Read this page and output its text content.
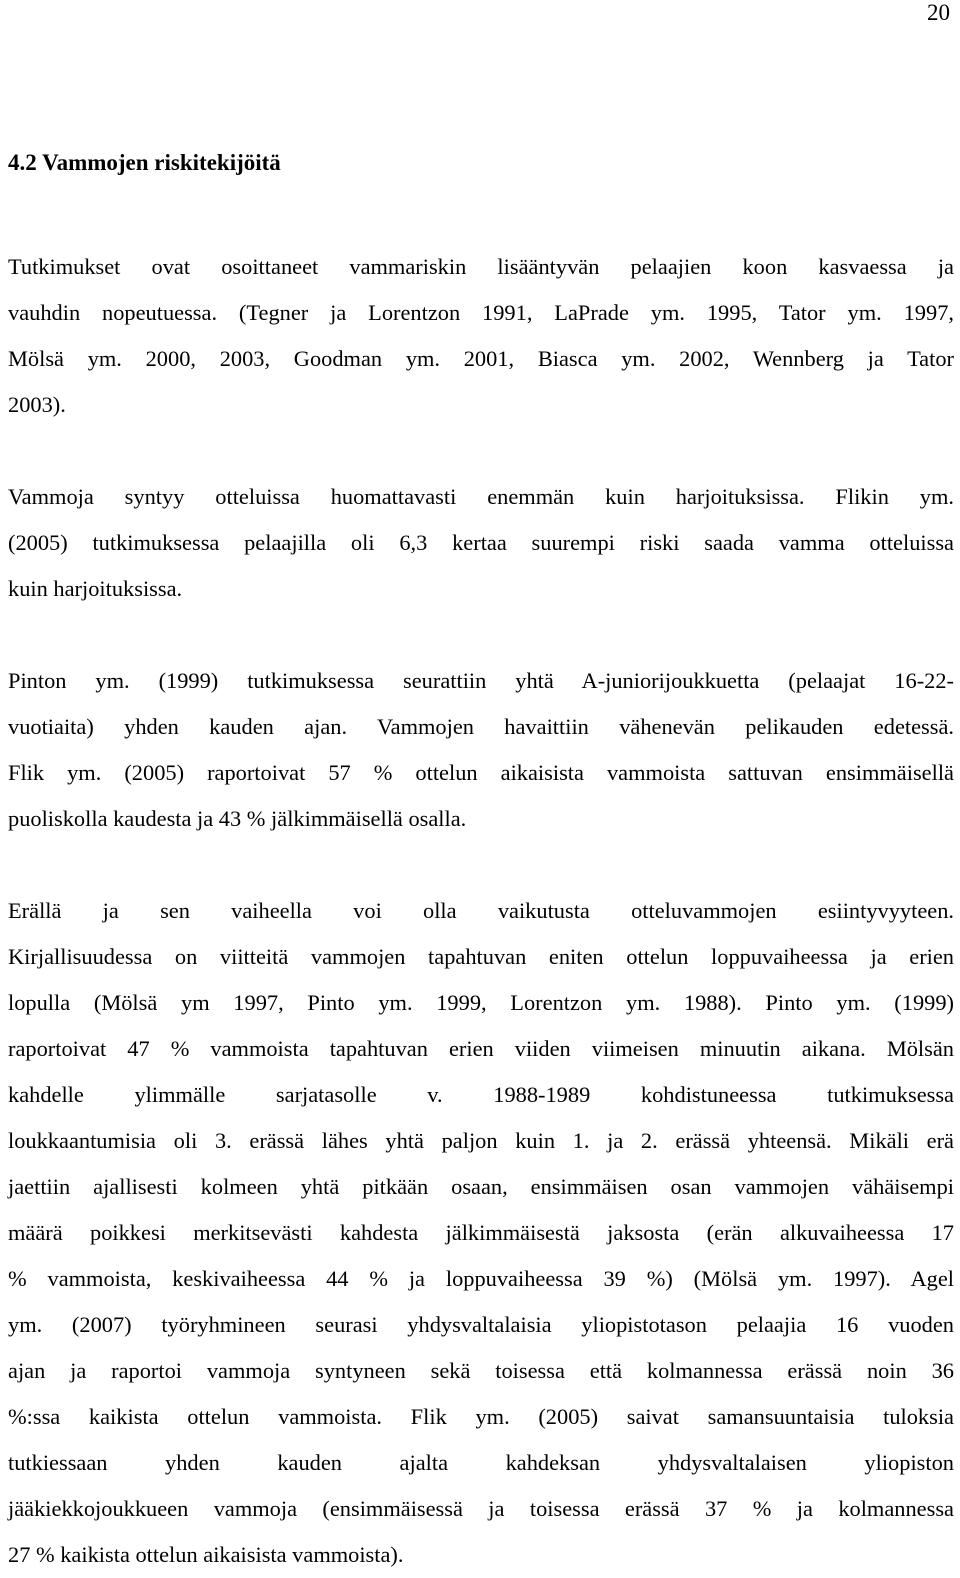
20
4.2 Vammojen riskitekijöitä

Tutkimukset ovat osoittaneet vammariskin lisääntyvän pelaajien koon kasvaessa ja
vauhdin nopeutuessa. (Tegner ja Lorentzon 1991, LaPrade ym. 1995, Tator ym. 1997,
Mölsä ym. 2000, 2003, Goodman ym. 2001, Biasca ym. 2002, Wennberg ja Tator
2003).

Vammoja syntyy otteluissa huomattavasti enemmän kuin harjoituksissa. Flikin ym.
(2005) tutkimuksessa pelaajilla oli 6,3 kertaa suurempi riski saada vamma otteluissa
kuin harjoituksissa.

Pinton ym. (1999) tutkimuksessa seurattiin yhtä A-juniorijoukkuetta (pelaajat 16-22-
vuotiaita) yhden kauden ajan. Vammojen havaittiin vähenevän pelikauden edetessä.
Flik ym. (2005) raportoivat 57 % ottelun aikaisista vammoista sattuvan ensimmäisellä
puoliskolla kaudesta ja 43 % jälkimmäisellä osalla.

Erällä ja sen vaiheella voi olla vaikutusta otteluvammojen esiintyvyyteen.
Kirjallisuudessa on viitteitä vammojen tapahtuvan eniten ottelun loppuvaiheessa ja erien
lopulla (Mölsä ym 1997, Pinto ym. 1999, Lorentzon ym. 1988). Pinto ym. (1999)
raportoivat 47 % vammoista tapahtuvan erien viiden viimeisen minuutin aikana. Mölsän
kahdelle ylimmälle sarjatasolle v. 1988-1989 kohdistuneessa tutkimuksessa
loukkaantumisia oli 3. erässä lähes yhtä paljon kuin 1. ja 2. erässä yhteensä. Mikäli erä
jaettiin ajallisesti kolmeen yhtä pitkään osaan, ensimmäisen osan vammojen vähäisempi
määrä poikkesi merkitsevästi kahdesta jälkimmäisestä jaksosta (erän alkuvaiheessa 17
% vammoista, keskivaiheessa 44 % ja loppuvaiheessa 39 %) (Mölsä ym. 1997). Agel
ym. (2007) työryhmineen seurasi yhdysvaltalaisia yliopistotason pelaajia 16 vuoden
ajan ja raportoi vammoja syntyneen sekä toisessa että kolmannessa erässä noin 36
%:ssa kaikista ottelun vammoista. Flik ym. (2005) saivat samansuuntaisia tuloksia
tutkiessaan yhden kauden ajalta kahdeksan yhdysvaltalaisen yliopiston
jääkiekkojoukkueen vammoja (ensimmäisessä ja toisessa erässä 37 % ja kolmannessa
27 % kaikista ottelun aikaisista vammoista).
